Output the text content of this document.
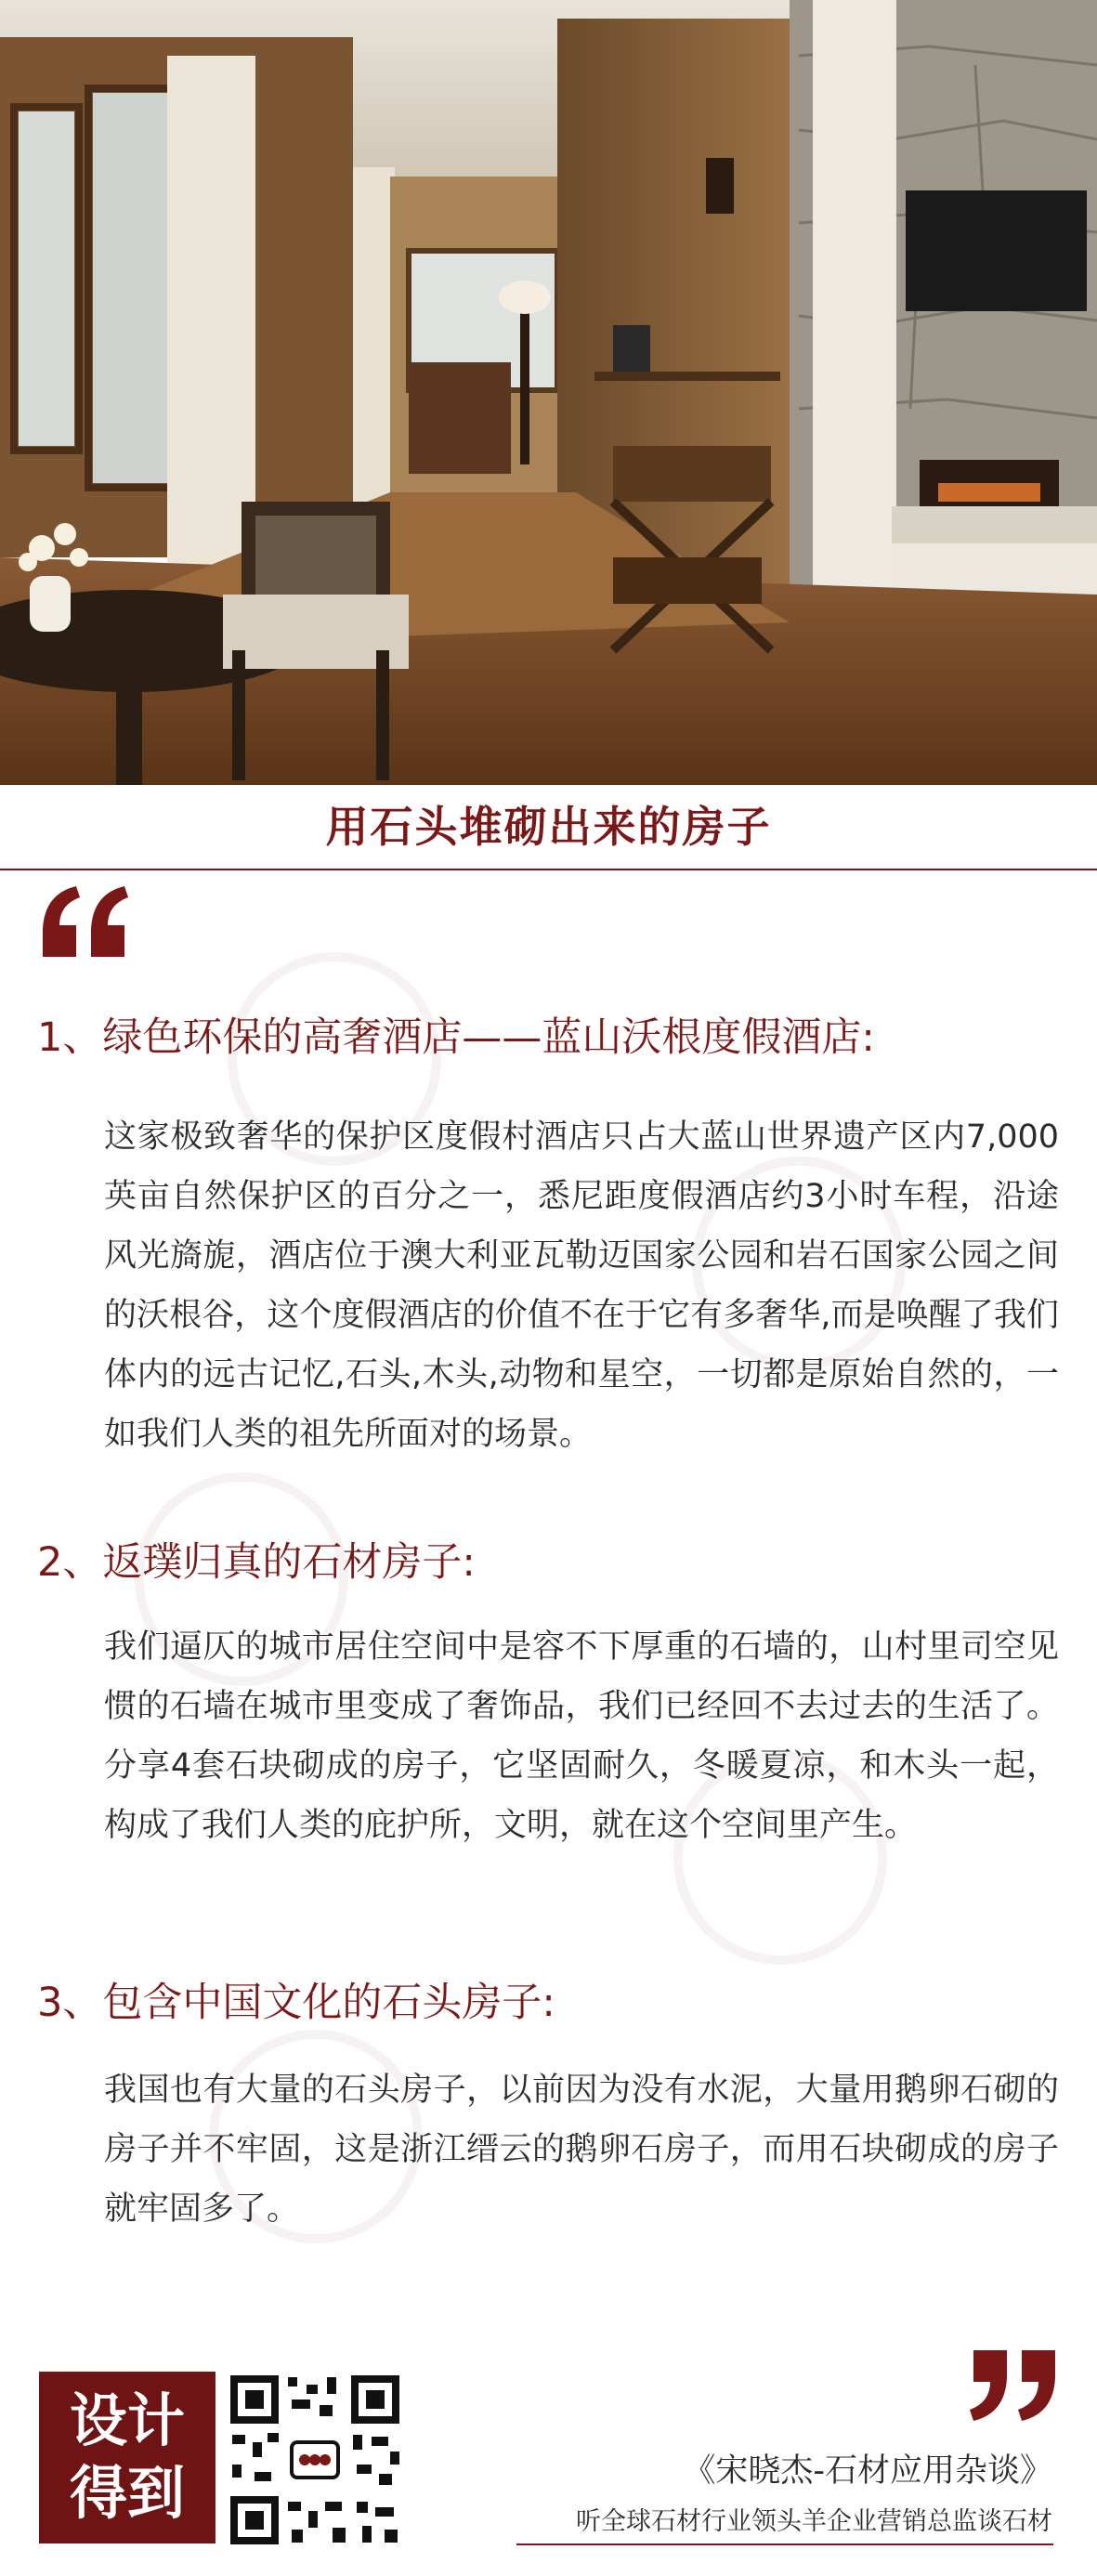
用石头堆砌出来的房子
1、绿色环保的高奢酒店——蓝山沃根度假酒店:
这家极致奢华的保护区度假村酒店只占大蓝山世界遗产区内7,000英亩自然保护区的百分之一，悉尼距度假酒店约3小时车程，沿途风光旖旎，酒店位于澳大利亚瓦勒迈国家公园和岩石国家公园之间的沃根谷，这个度假酒店的价值不在于它有多奢华,而是唤醒了我们体内的远古记忆,石头,木头,动物和星空，一切都是原始自然的，一如我们人类的祖先所面对的场景。
2、返璞归真的石材房子:
我们逼仄的城市居住空间中是容不下厚重的石墙的，山村里司空见惯的石墙在城市里变成了奢饰品，我们已经回不去过去的生活了。分享4套石块砌成的房子，它坚固耐久，冬暖夏凉，和木头一起，构成了我们人类的庇护所，文明，就在这个空间里产生。
3、包含中国文化的石头房子:
我国也有大量的石头房子，以前因为没有水泥，大量用鹅卵石砌的房子并不牢固，这是浙江缙云的鹅卵石房子，而用石块砌成的房子就牢固多了。
设计
得到	《宋晓杰-石材应用杂谈》
听全球石材行业领头羊企业营销总监谈石材
